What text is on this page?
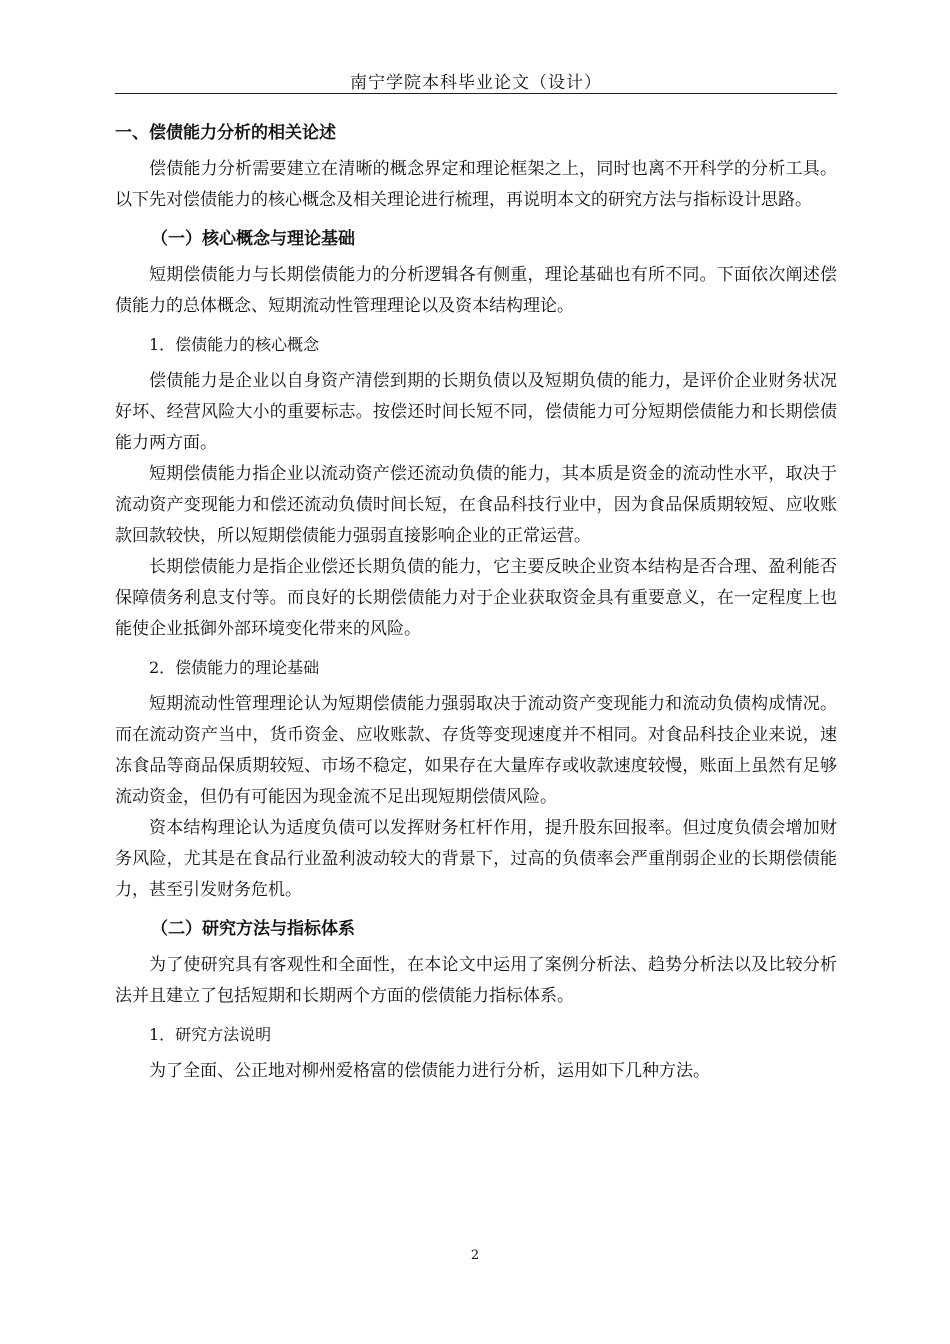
南宁学院本科毕业论文（设计）
一、偿债能力分析的相关论述

偿债能力分析需要建立在清晰的概念界定和理论框架之上，同时也离不开科学的分析工具。以下先对偿债能力的核心概念及相关理论进行梳理，再说明本文的研究方法与指标设计思路。

（一）核心概念与理论基础

短期偿债能力与长期偿债能力的分析逻辑各有侧重，理论基础也有所不同。下面依次阐述偿债能力的总体概念、短期流动性管理理论以及资本结构理论。

1．偿债能力的核心概念

偿债能力是企业以自身资产清偿到期的长期负债以及短期负债的能力，是评价企业财务状况好坏、经营风险大小的重要标志。按偿还时间长短不同，偿债能力可分短期偿债能力和长期偿债能力两方面。

短期偿债能力指企业以流动资产偿还流动负债的能力，其本质是资金的流动性水平，取决于流动资产变现能力和偿还流动负债时间长短，在食品科技行业中，因为食品保质期较短、应收账款回款较快，所以短期偿债能力强弱直接影响企业的正常运营。

长期偿债能力是指企业偿还长期负债的能力，它主要反映企业资本结构是否合理、盈利能否保障债务利息支付等。而良好的长期偿债能力对于企业获取资金具有重要意义，在一定程度上也能使企业抵御外部环境变化带来的风险。

2．偿债能力的理论基础

短期流动性管理理论认为短期偿债能力强弱取决于流动资产变现能力和流动负债构成情况。而在流动资产当中，货币资金、应收账款、存货等变现速度并不相同。对食品科技企业来说，速冻食品等商品保质期较短、市场不稳定，如果存在大量库存或收款速度较慢，账面上虽然有足够流动资金，但仍有可能因为现金流不足出现短期偿债风险。

资本结构理论认为适度负债可以发挥财务杠杆作用，提升股东回报率。但过度负债会增加财务风险，尤其是在食品行业盈利波动较大的背景下，过高的负债率会严重削弱企业的长期偿债能力，甚至引发财务危机。

（二）研究方法与指标体系

为了使研究具有客观性和全面性，在本论文中运用了案例分析法、趋势分析法以及比较分析法并且建立了包括短期和长期两个方面的偿债能力指标体系。

1．研究方法说明

为了全面、公正地对柳州爱格富的偿债能力进行分析，运用如下几种方法。

2
